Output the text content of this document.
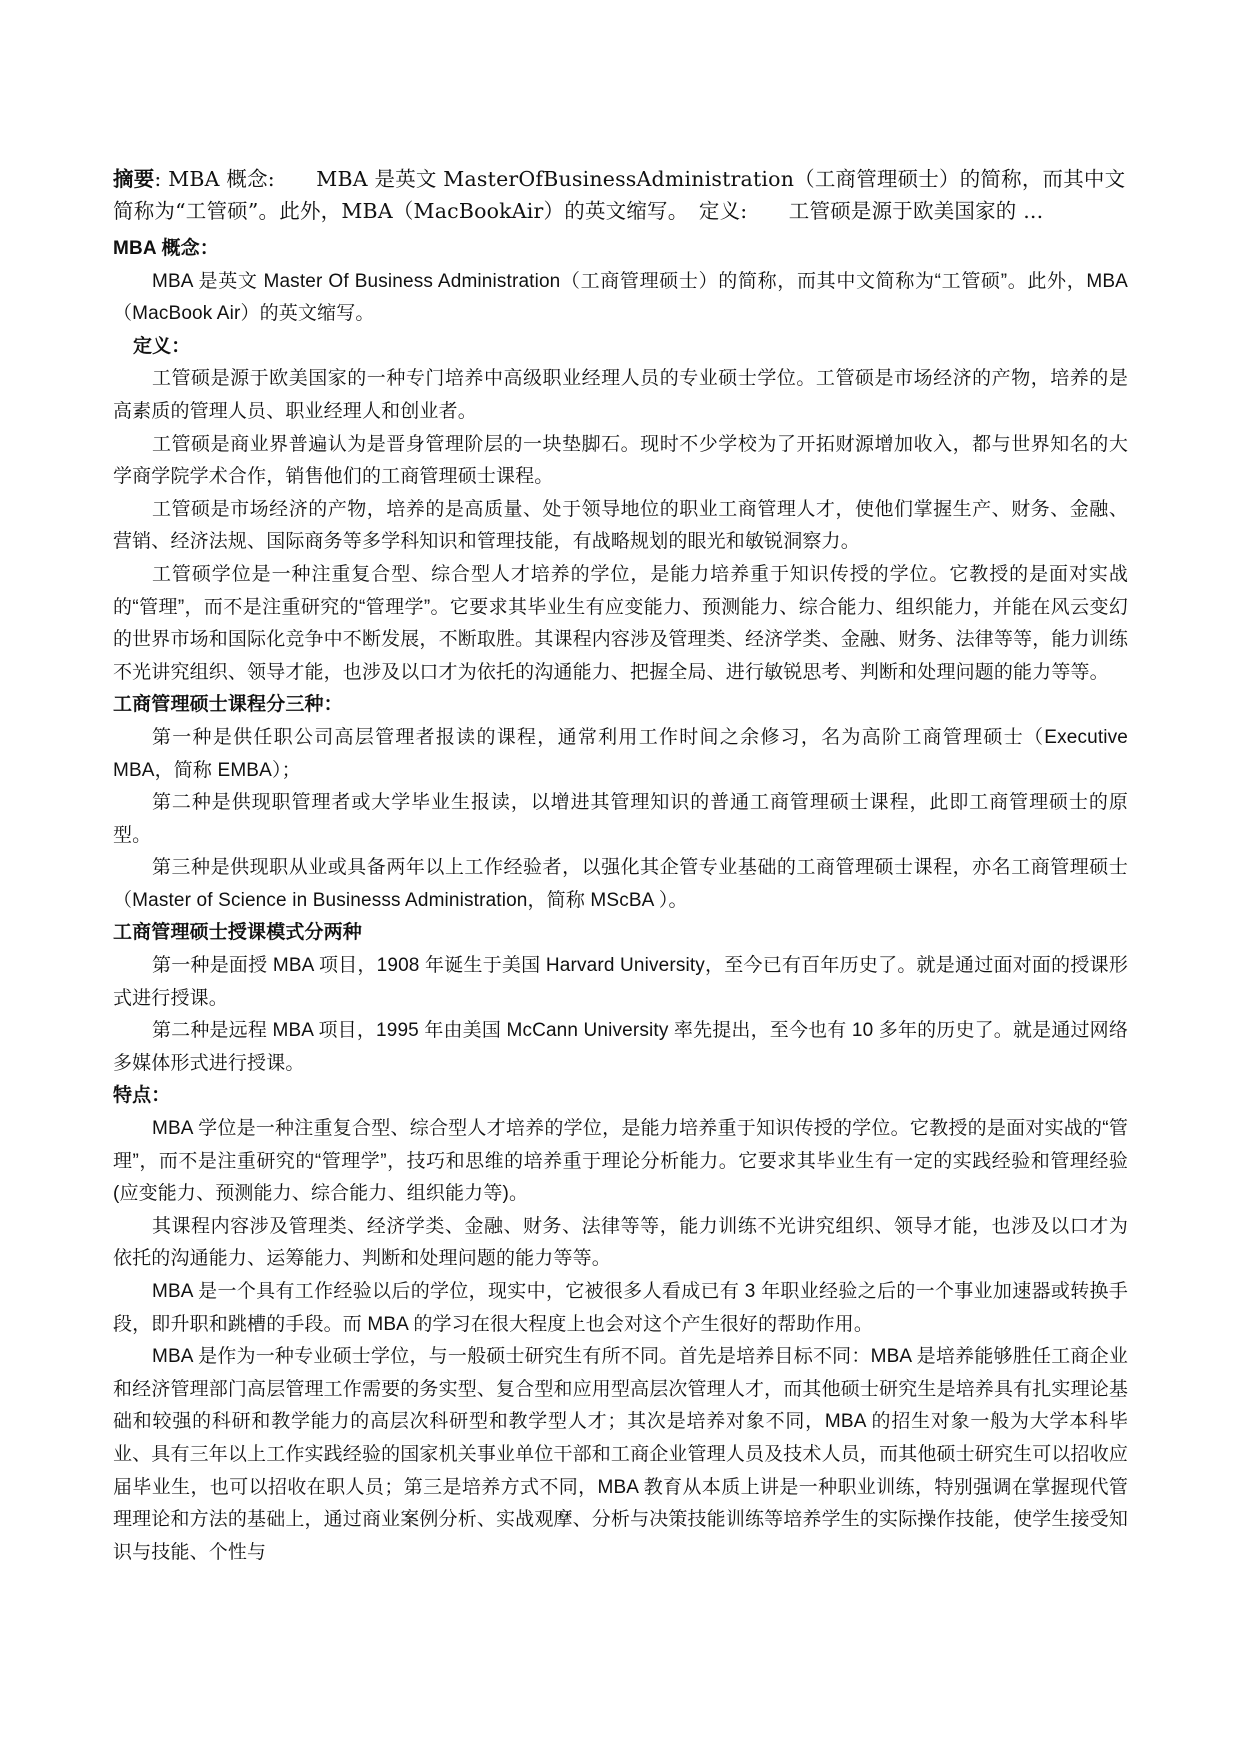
摘要: MBA 概念:　　MBA 是英文 MasterOfBusinessAdministration（工商管理硕士）的简称，而其中文简称为“工管硕”。此外，MBA（MacBookAir）的英文缩写。　定义:　　工管硕是源于欧美国家的 ...

MBA 概念：

MBA 是英文 Master Of Business Administration（工商管理硕士）的简称，而其中文简称为“工管硕”。此外，MBA（MacBook Air）的英文缩写。

定义：

工管硕是源于欧美国家的一种专门培养中高级职业经理人员的专业硕士学位。工管硕是市场经济的产物，培养的是高素质的管理人员、职业经理人和创业者。

工管硕是商业界普遍认为是晋身管理阶层的一块垫脚石。现时不少学校为了开拓财源增加收入，都与世界知名的大学商学院学术合作，销售他们的工商管理硕士课程。

工管硕是市场经济的产物，培养的是高质量、处于领导地位的职业工商管理人才，使他们掌握生产、财务、金融、营销、经济法规、国际商务等多学科知识和管理技能，有战略规划的眼光和敏锐洞察力。

工管硕学位是一种注重复合型、综合型人才培养的学位，是能力培养重于知识传授的学位。它教授的是面对实战的“管理”，而不是注重研究的“管理学”。它要求其毕业生有应变能力、预测能力、综合能力、组织能力，并能在风云变幻的世界市场和国际化竞争中不断发展，不断取胜。其课程内容涉及管理类、经济学类、金融、财务、法律等等，能力训练不光讲究组织、领导才能，也涉及以口才为依托的沟通能力、把握全局、进行敏锐思考、判断和处理问题的能力等等。

工商管理硕士课程分三种：

第一种是供任职公司高层管理者报读的课程，通常利用工作时间之余修习，名为高阶工商管理硕士（Executive MBA，简称 EMBA）；

第二种是供现职管理者或大学毕业生报读，以增进其管理知识的普通工商管理硕士课程，此即工商管理硕士的原型。

第三种是供现职从业或具备两年以上工作经验者，以强化其企管专业基础的工商管理硕士课程，亦名工商管理硕士（Master of Science in Businesss Administration，简称 MScBA ）。

工商管理硕士授课模式分两种

第一种是面授 MBA 项目，1908 年诞生于美国 Harvard University，至今已有百年历史了。就是通过面对面的授课形式进行授课。

第二种是远程 MBA 项目，1995 年由美国 McCann University 率先提出，至今也有 10 多年的历史了。就是通过网络多媒体形式进行授课。

特点：

MBA 学位是一种注重复合型、综合型人才培养的学位，是能力培养重于知识传授的学位。它教授的是面对实战的“管理”，而不是注重研究的“管理学”，技巧和思维的培养重于理论分析能力。它要求其毕业生有一定的实践经验和管理经验(应变能力、预测能力、综合能力、组织能力等)。

其课程内容涉及管理类、经济学类、金融、财务、法律等等，能力训练不光讲究组织、领导才能，也涉及以口才为依托的沟通能力、运筹能力、判断和处理问题的能力等等。

MBA 是一个具有工作经验以后的学位，现实中，它被很多人看成已有 3 年职业经验之后的一个事业加速器或转换手段，即升职和跳槽的手段。而 MBA 的学习在很大程度上也会对这个产生很好的帮助作用。

MBA 是作为一种专业硕士学位，与一般硕士研究生有所不同。首先是培养目标不同：MBA 是培养能够胜任工商企业和经济管理部门高层管理工作需要的务实型、复合型和应用型高层次管理人才，而其他硕士研究生是培养具有扎实理论基础和较强的科研和教学能力的高层次科研型和教学型人才；其次是培养对象不同，MBA 的招生对象一般为大学本科毕业、具有三年以上工作实践经验的国家机关事业单位干部和工商企业管理人员及技术人员，而其他硕士研究生可以招收应届毕业生，也可以招收在职人员；第三是培养方式不同，MBA 教育从本质上讲是一种职业训练，特别强调在掌握现代管理理论和方法的基础上，通过商业案例分析、实战观摩、分析与决策技能训练等培养学生的实际操作技能，使学生接受知识与技能、个性与
